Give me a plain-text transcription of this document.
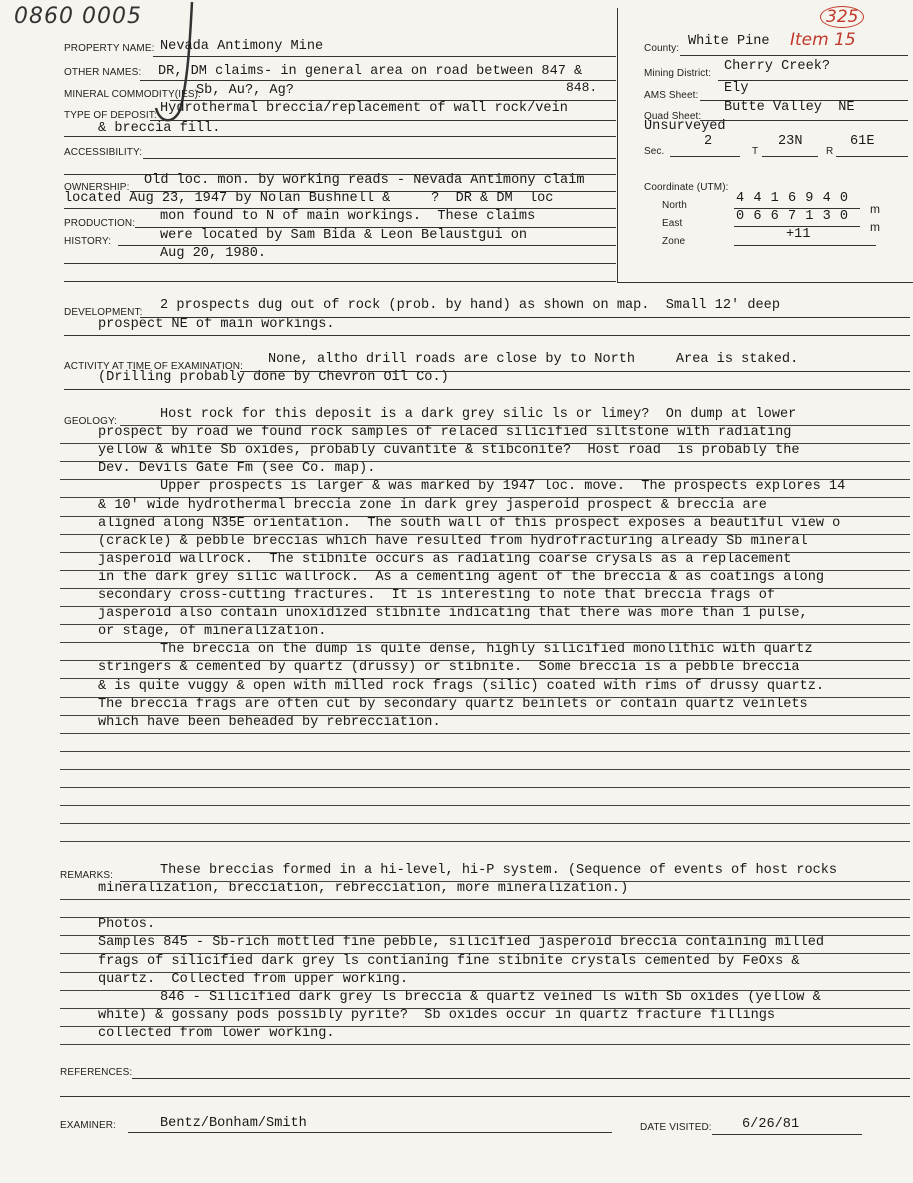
0860 0005	325
Item 15
PROPERTY NAME: Nevada Antimony Mine
OTHER NAMES: DR, DM claims- in general area on road between 847 &
848.
MINERAL COMMODITY(IES):
Sb, Au?, Ag?
TYPE OF DEPOSIT: Hydrothermal breccia/replacement of wall rock/vein
& breccia fill.
ACCESSIBILITY:
OWNERSHIP:
PRODUCTION:
HISTORY:
Old loc. mon. by working reads - Nevada Antimony claim
located Aug 23, 1947 by Nolan Bushnell &     ?  DR & DM  loc
mon found to N of main workings.  These claims
were located by Sam Bida & Leon Belaustgui on
Aug 20, 1980.
County: White Pine
Mining District: Cherry Creek?
AMS Sheet: Ely
Quad Sheet:
Butte Valley  NE
Unsurveyed
Sec.
2
T
23N
R
61E
Coordinate (UTM):
North	4 4 1 6 9 4 0
m
East	0 6 6 7 1 3 0
m
Zone	+11
DEVELOPMENT: 2 prospects dug out of rock (prob. by hand) as shown on map.  Small 12' deep
prospect NE of main workings.
ACTIVITY AT TIME OF EXAMINATION: None, altho drill roads are close by to North     Area is staked.
(Drilling probably done by Chevron Oil Co.)
GEOLOGY:	Host rock for this deposit is a dark grey silic ls or limey?  On dump at lower
prospect by road we found rock samples of relaced silicified siltstone with radiating
yellow & white Sb oxides, probably cuvantite & stibconite?  Host road  is probably the
Dev. Devils Gate Fm (see Co. map).
Upper prospects is larger & was marked by 1947 loc. move.  The prospects explores 14
& 10' wide hydrothermal breccia zone in dark grey jasperoid prospect & breccia are
aligned along N35E orientation.  The south wall of this prospect exposes a beautiful view o
(crackle) & pebble breccias which have resulted from hydrofracturing already Sb mineral
jasperoid wallrock.  The stibnite occurs as radiating coarse crysals as a replacement
in the dark grey silic wallrock.  As a cementing agent of the breccia & as coatings along
secondary cross-cutting fractures.  It is interesting to note that breccia frags of
jasperoid also contain unoxidized stibnite indicating that there was more than 1 pulse,
or stage, of mineralization.
The breccia on the dump is quite dense, highly silicified monolithic with quartz
stringers & cemented by quartz (drussy) or stibnite.  Some breccia is a pebble breccia
& is quite vuggy & open with milled rock frags (silic) coated with rims of drussy quartz.
The breccia frags are often cut by secondary quartz beinlets or contain quartz veinlets
which have been beheaded by rebrecciation.
REMARKS:	These breccias formed in a hi-level, hi-P system. (Sequence of events of host rocks
mineralization, brecciation, rebrecciation, more mineralization.)
Photos.
Samples 845 - Sb-rich mottled fine pebble, silicified jasperoid breccia containing milled
frags of silicified dark grey ls contianing fine stibnite crystals cemented by FeOxs &
quartz.  Collected from upper working.
846 - Silicified dark grey ls breccia & quartz veined ls with Sb oxides (yellow &
white) & gossany pods possibly pyrite?  Sb oxides occur in quartz fracture fillings
collected from lower working.
REFERENCES:
EXAMINER:	Bentz/Bonham/Smith	DATE VISITED: 6/26/81
